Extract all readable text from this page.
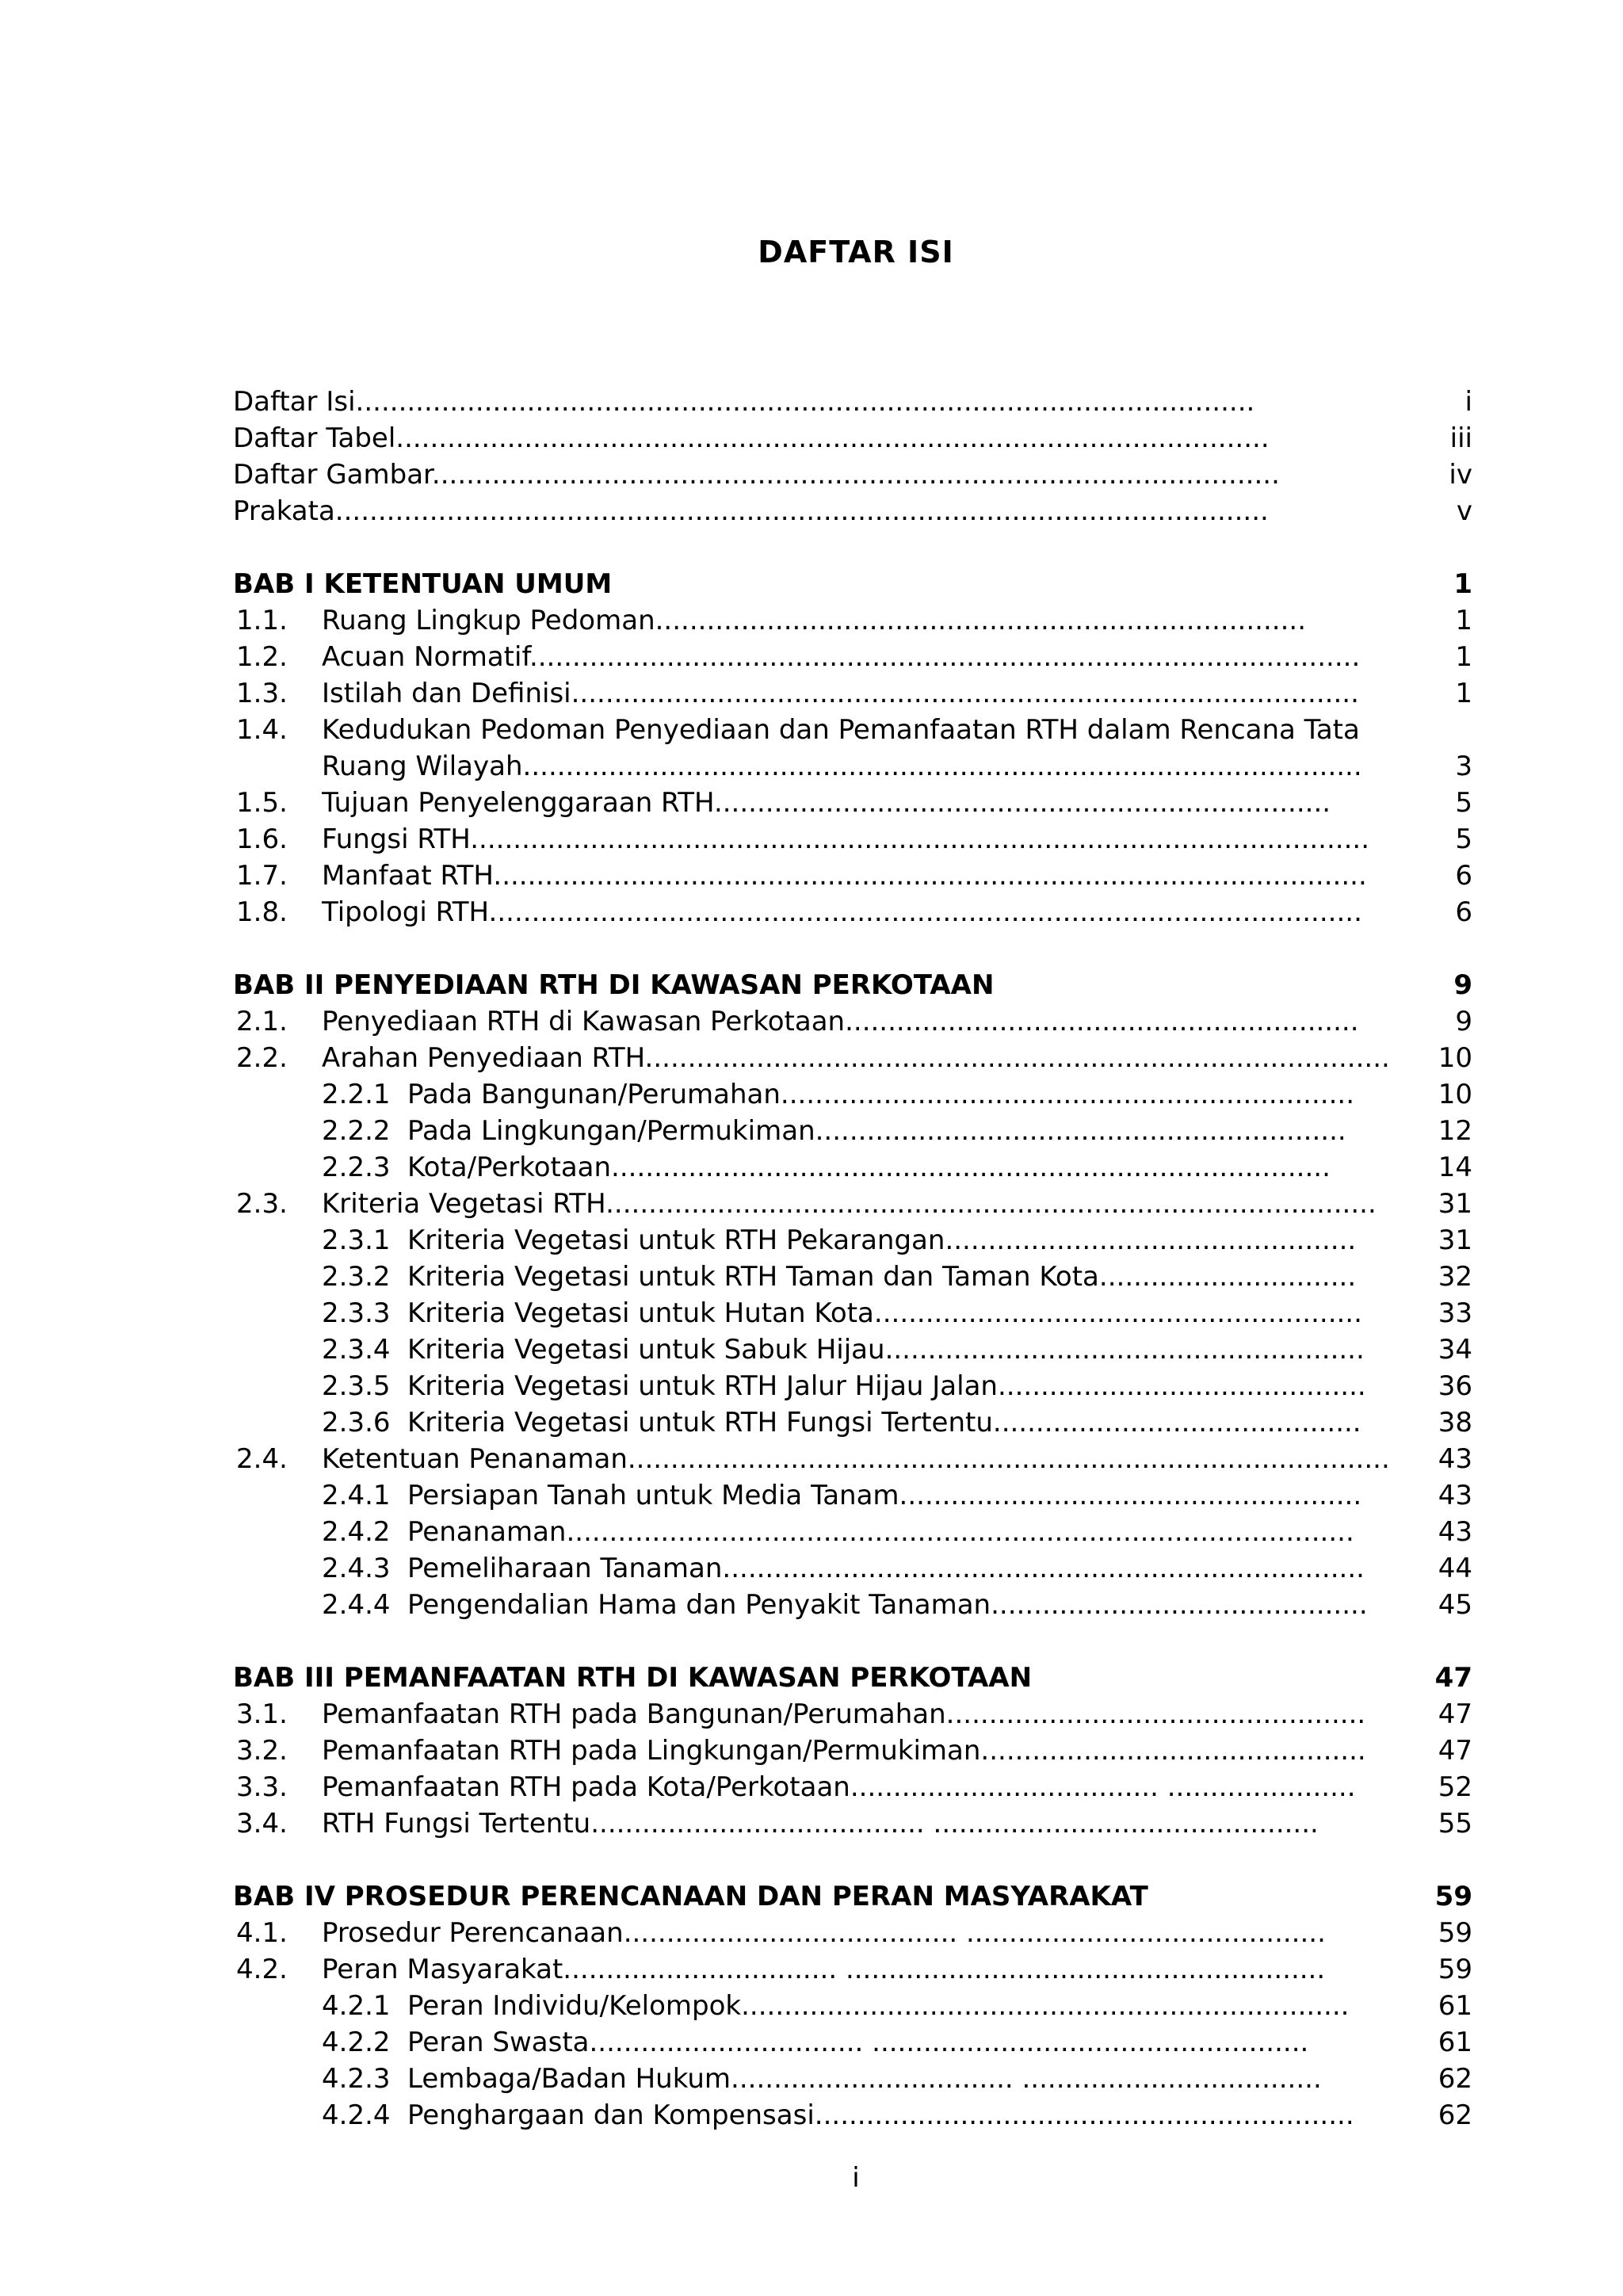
DAFTAR ISI
Daftar Isi.........................................................................................................	i
Daftar Tabel......................................................................................................	iii
Daftar Gambar...................................................................................................	iv
Prakata.............................................................................................................	v
BAB I KETENTUAN UMUM	1
1.1. Ruang Lingkup Pedoman............................................................................	1
1.2. Acuan Normatif.................................................................................................	1
1.3. Istilah dan Definisi............................................................................................	1
1.4. Kedudukan Pedoman Penyediaan dan Pemanfaatan RTH dalam Rencana Tata
Ruang Wilayah..................................................................................................	3
1.5. Tujuan Penyelenggaraan RTH........................................................................	5
1.6. Fungsi RTH.........................................................................................................	5
1.7. Manfaat RTH......................................................................................................	6
1.8. Tipologi RTH......................................................................................................	6
BAB II PENYEDIAAN RTH DI KAWASAN PERKOTAAN	9
2.1. Penyediaan RTH di Kawasan Perkotaan............................................................	9
2.2. Arahan Penyediaan RTH....................................................................................... 10
2.2.1 Pada Bangunan/Perumahan...................................................................	10
2.2.2 Pada Lingkungan/Permukiman..............................................................	12
2.2.3 Kota/Perkotaan....................................................................................	14
2.3. Kriteria Vegetasi RTH.......................................................................................... 31
2.3.1 Kriteria Vegetasi untuk RTH Pekarangan................................................	31
2.3.2 Kriteria Vegetasi untuk RTH Taman dan Taman Kota..............................	32
2.3.3 Kriteria Vegetasi untuk Hutan Kota.........................................................	33
2.3.4 Kriteria Vegetasi untuk Sabuk Hijau........................................................	34
2.3.5 Kriteria Vegetasi untuk RTH Jalur Hijau Jalan...........................................	36
2.3.6 Kriteria Vegetasi untuk RTH Fungsi Tertentu...........................................	38
2.4. Ketentuan Penanaman......................................................................................... 43
2.4.1 Persiapan Tanah untuk Media Tanam......................................................	43
2.4.2 Penanaman............................................................................................	43
2.4.3 Pemeliharaan Tanaman...........................................................................	44
2.4.4 Pengendalian Hama dan Penyakit Tanaman............................................	45
BAB III PEMANFAATAN RTH DI KAWASAN PERKOTAAN	47
3.1. Pemanfaatan RTH pada Bangunan/Perumahan.................................................	47
3.2. Pemanfaatan RTH pada Lingkungan/Permukiman.............................................	47
3.3. Pemanfaatan RTH pada Kota/Perkotaan.................................... ......................	52
3.4. RTH Fungsi Tertentu....................................... .............................................	55
BAB IV PROSEDUR PERENCANAAN DAN PERAN MASYARAKAT	59
4.1. Prosedur Perencanaan....................................... ..........................................	59
4.2. Peran Masyarakat................................ ........................................................	59
4.2.1 Peran Individu/Kelompok.......................................................................	61
4.2.2 Peran Swasta................................ ...................................................	61
4.2.3 Lembaga/Badan Hukum................................. ...................................	62
4.2.4 Penghargaan dan Kompensasi...............................................................	62
i
